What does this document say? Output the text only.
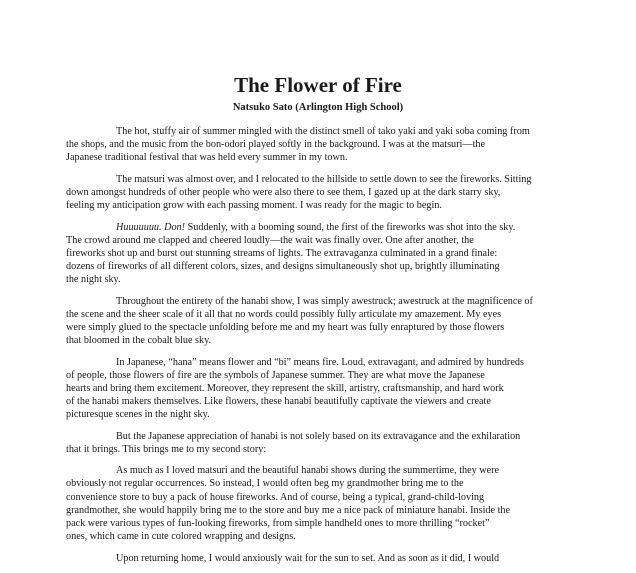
The Flower of Fire
Natsuko Sato (Arlington High School)
The hot, stuffy air of summer mingled with the distinct smell of tako yaki and yaki soba coming from
the shops, and the music from the bon-odori played softly in the background. I was at the matsuri—the
Japanese traditional festival that was held every summer in my town.
The matsuri was almost over, and I relocated to the hillside to settle down to see the fireworks. Sitting
down amongst hundreds of other people who were also there to see them, I gazed up at the dark starry sky,
feeling my anticipation grow with each passing moment. I was ready for the magic to begin.
Huuuuuuu. Don! Suddenly, with a booming sound, the first of the fireworks was shot into the sky.
The crowd around me clapped and cheered loudly—the wait was finally over. One after another, the
fireworks shot up and burst out stunning streams of lights. The extravaganza culminated in a grand finale:
dozens of fireworks of all different colors, sizes, and designs simultaneously shot up, brightly illuminating
the night sky.
Throughout the entirety of the hanabi show, I was simply awestruck; awestruck at the magnificence of
the scene and the sheer scale of it all that no words could possibly fully articulate my amazement. My eyes
were simply glued to the spectacle unfolding before me and my heart was fully enraptured by those flowers
that bloomed in the cobalt blue sky.
In Japanese, “hana” means flower and “bi” means fire. Loud, extravagant, and admired by hundreds
of people, those flowers of fire are the symbols of Japanese summer. They are what move the Japanese
hearts and bring them excitement. Moreover, they represent the skill, artistry, craftsmanship, and hard work
of the hanabi makers themselves. Like flowers, these hanabi beautifully captivate the viewers and create
picturesque scenes in the night sky.
But the Japanese appreciation of hanabi is not solely based on its extravagance and the exhilaration
that it brings. This brings me to my second story:
As much as I loved matsuri and the beautiful hanabi shows during the summertime, they were
obviously not regular occurrences. So instead, I would often beg my grandmother bring me to the
convenience store to buy a pack of house fireworks. And of course, being a typical, grand-child-loving
grandmother, she would happily bring me to the store and buy me a nice pack of miniature hanabi. Inside the
pack were various types of fun-looking fireworks, from simple handheld ones to more thrilling “rocket”
ones, which came in cute colored wrapping and designs.
Upon returning home, I would anxiously wait for the sun to set. And as soon as it did, I would
